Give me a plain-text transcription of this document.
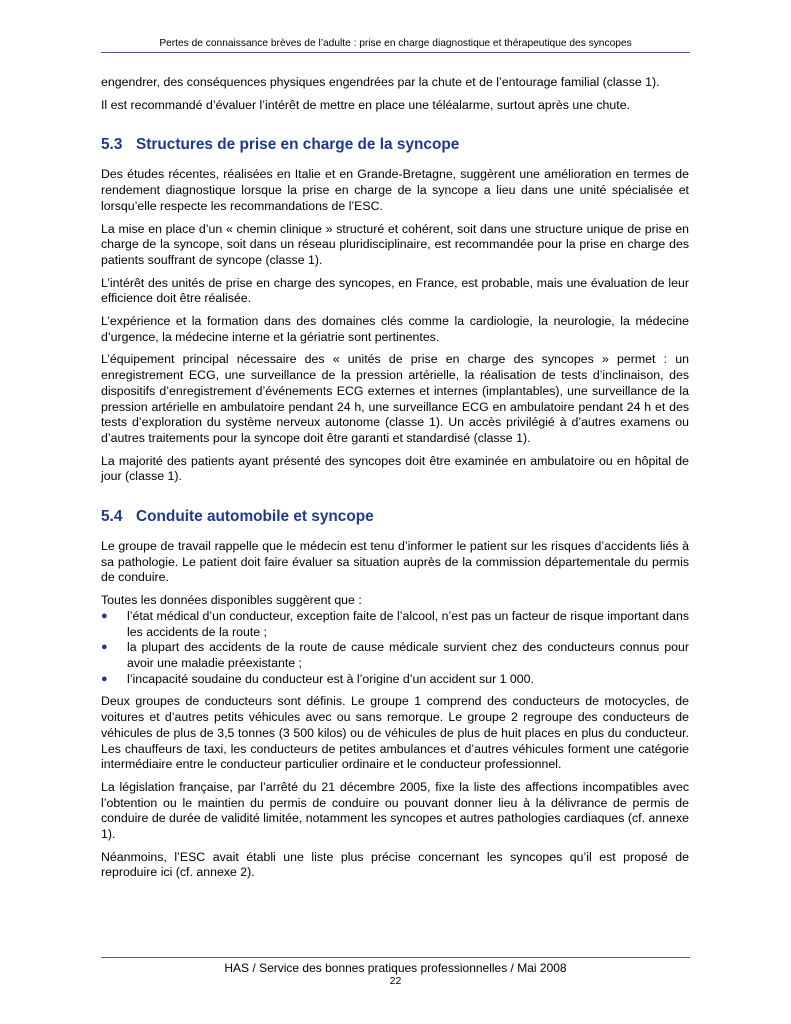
Pertes de connaissance brèves de l’adulte : prise en charge diagnostique et thérapeutique des syncopes

engendrer, des conséquences physiques engendrées par la chute et de l’entourage familial (classe 1).

Il est recommandé d’évaluer l’intérêt de mettre en place une téléalarme, surtout après une chute.

5.3 Structures de prise en charge de la syncope

Des études récentes, réalisées en Italie et en Grande-Bretagne, suggèrent une amélioration en termes de rendement diagnostique lorsque la prise en charge de la syncope a lieu dans une unité spécialisée et lorsqu’elle respecte les recommandations de l’ESC.

La mise en place d’un « chemin clinique » structuré et cohérent, soit dans une structure unique de prise en charge de la syncope, soit dans un réseau pluridisciplinaire, est recommandée pour la prise en charge des patients souffrant de syncope (classe 1).

L’intérêt des unités de prise en charge des syncopes, en France, est probable, mais une évaluation de leur efficience doit être réalisée.

L’expérience et la formation dans des domaines clés comme la cardiologie, la neurologie, la médecine d’urgence, la médecine interne et la gériatrie sont pertinentes.

L’équipement principal nécessaire des « unités de prise en charge des syncopes » permet : un enregistrement ECG, une surveillance de la pression artérielle, la réalisation de tests d’inclinaison, des dispositifs d’enregistrement d’événements ECG externes et internes (implantables), une surveillance de la pression artérielle en ambulatoire pendant 24 h, une surveillance ECG en ambulatoire pendant 24 h et des tests d’exploration du système nerveux autonome (classe 1). Un accès privilégié à d’autres examens ou d’autres traitements pour la syncope doit être garanti et standardisé (classe 1).

La majorité des patients ayant présenté des syncopes doit être examinée en ambulatoire ou en hôpital de jour (classe 1).

5.4 Conduite automobile et syncope

Le groupe de travail rappelle que le médecin est tenu d’informer le patient sur les risques d’accidents liés à sa pathologie. Le patient doit faire évaluer sa situation auprès de la commission départementale du permis de conduire.

Toutes les données disponibles suggèrent que :

● l’état médical d’un conducteur, exception faite de l’alcool, n’est pas un facteur de risque important dans les accidents de la route ;
● la plupart des accidents de la route de cause médicale survient chez des conducteurs connus pour avoir une maladie préexistante ;
● l’incapacité soudaine du conducteur est à l’origine d’un accident sur 1 000.

Deux groupes de conducteurs sont définis. Le groupe 1 comprend des conducteurs de motocycles, de voitures et d’autres petits véhicules avec ou sans remorque. Le groupe 2 regroupe des conducteurs de véhicules de plus de 3,5 tonnes (3 500 kilos) ou de véhicules de plus de huit places en plus du conducteur. Les chauffeurs de taxi, les conducteurs de petites ambulances et d’autres véhicules forment une catégorie intermédiaire entre le conducteur particulier ordinaire et le conducteur professionnel.

La législation française, par l’arrêté du 21 décembre 2005, fixe la liste des affections incompatibles avec l’obtention ou le maintien du permis de conduire ou pouvant donner lieu à la délivrance de permis de conduire de durée de validité limitée, notamment les syncopes et autres pathologies cardiaques (cf. annexe 1).

Néanmoins, l’ESC avait établi une liste plus précise concernant les syncopes qu’il est proposé de reproduire ici (cf. annexe 2).

HAS / Service des bonnes pratiques professionnelles / Mai 2008
22
